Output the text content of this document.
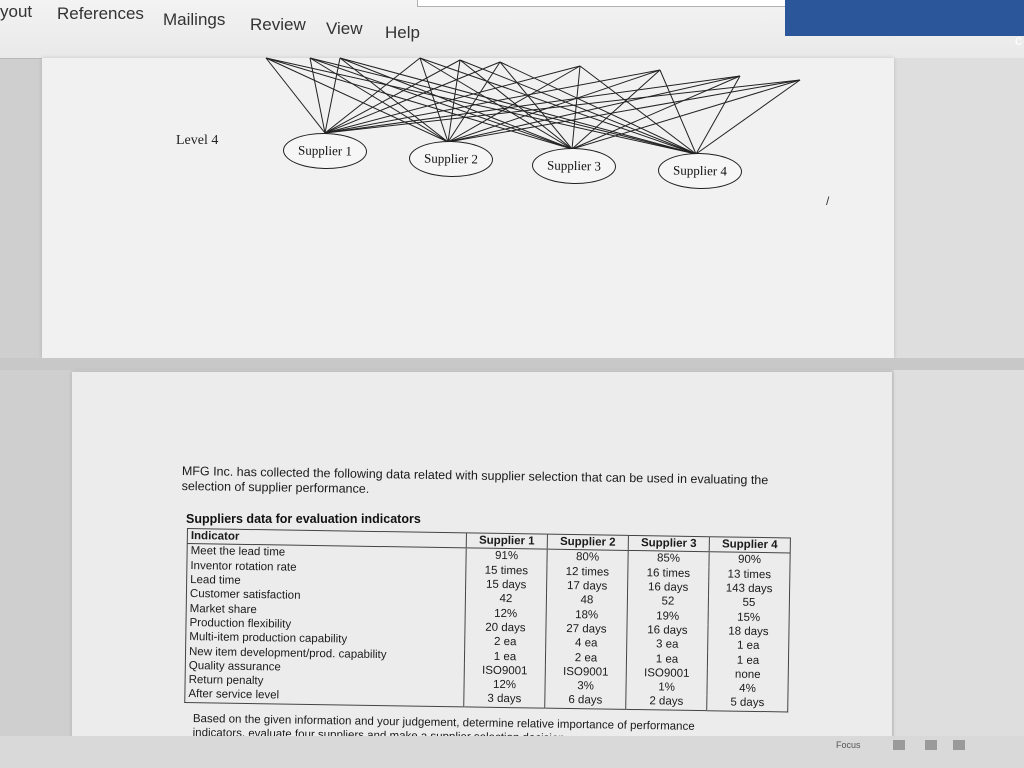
yout References Mailings Review View Help	c
Level 4
Supplier 1
Supplier 2	Supplier 3	Supplier 4
/
MFG Inc. has collected the following data related with supplier selection that can be used in evaluating the selection of supplier performance.
Suppliers data for evaluation indicators
Indicator	Supplier 1	Supplier 2	Supplier 3	Supplier 4
Meet the lead time	91%	80%	85%	90%
Inventor rotation rate	15 times	12 times	16 times	13 times
Lead time	15 days	17 days	16 days	143 days
Customer satisfaction	42	48	52	55
Market share	12%	18%	19%	15%
Production flexibility	20 days	27 days	16 days	18 days
Multi-item production capability	2 ea	4 ea	3 ea	1 ea
New item development/prod. capability	1 ea	2 ea	1 ea	1 ea
Quality assurance	ISO9001	ISO9001	ISO9001	none
Return penalty	12%	3%	1%	4%
After service level	3 days	6 days	2 days	5 days
Based on the given information and your judgement, determine relative importance of performance indicators, evaluate four
Focus
